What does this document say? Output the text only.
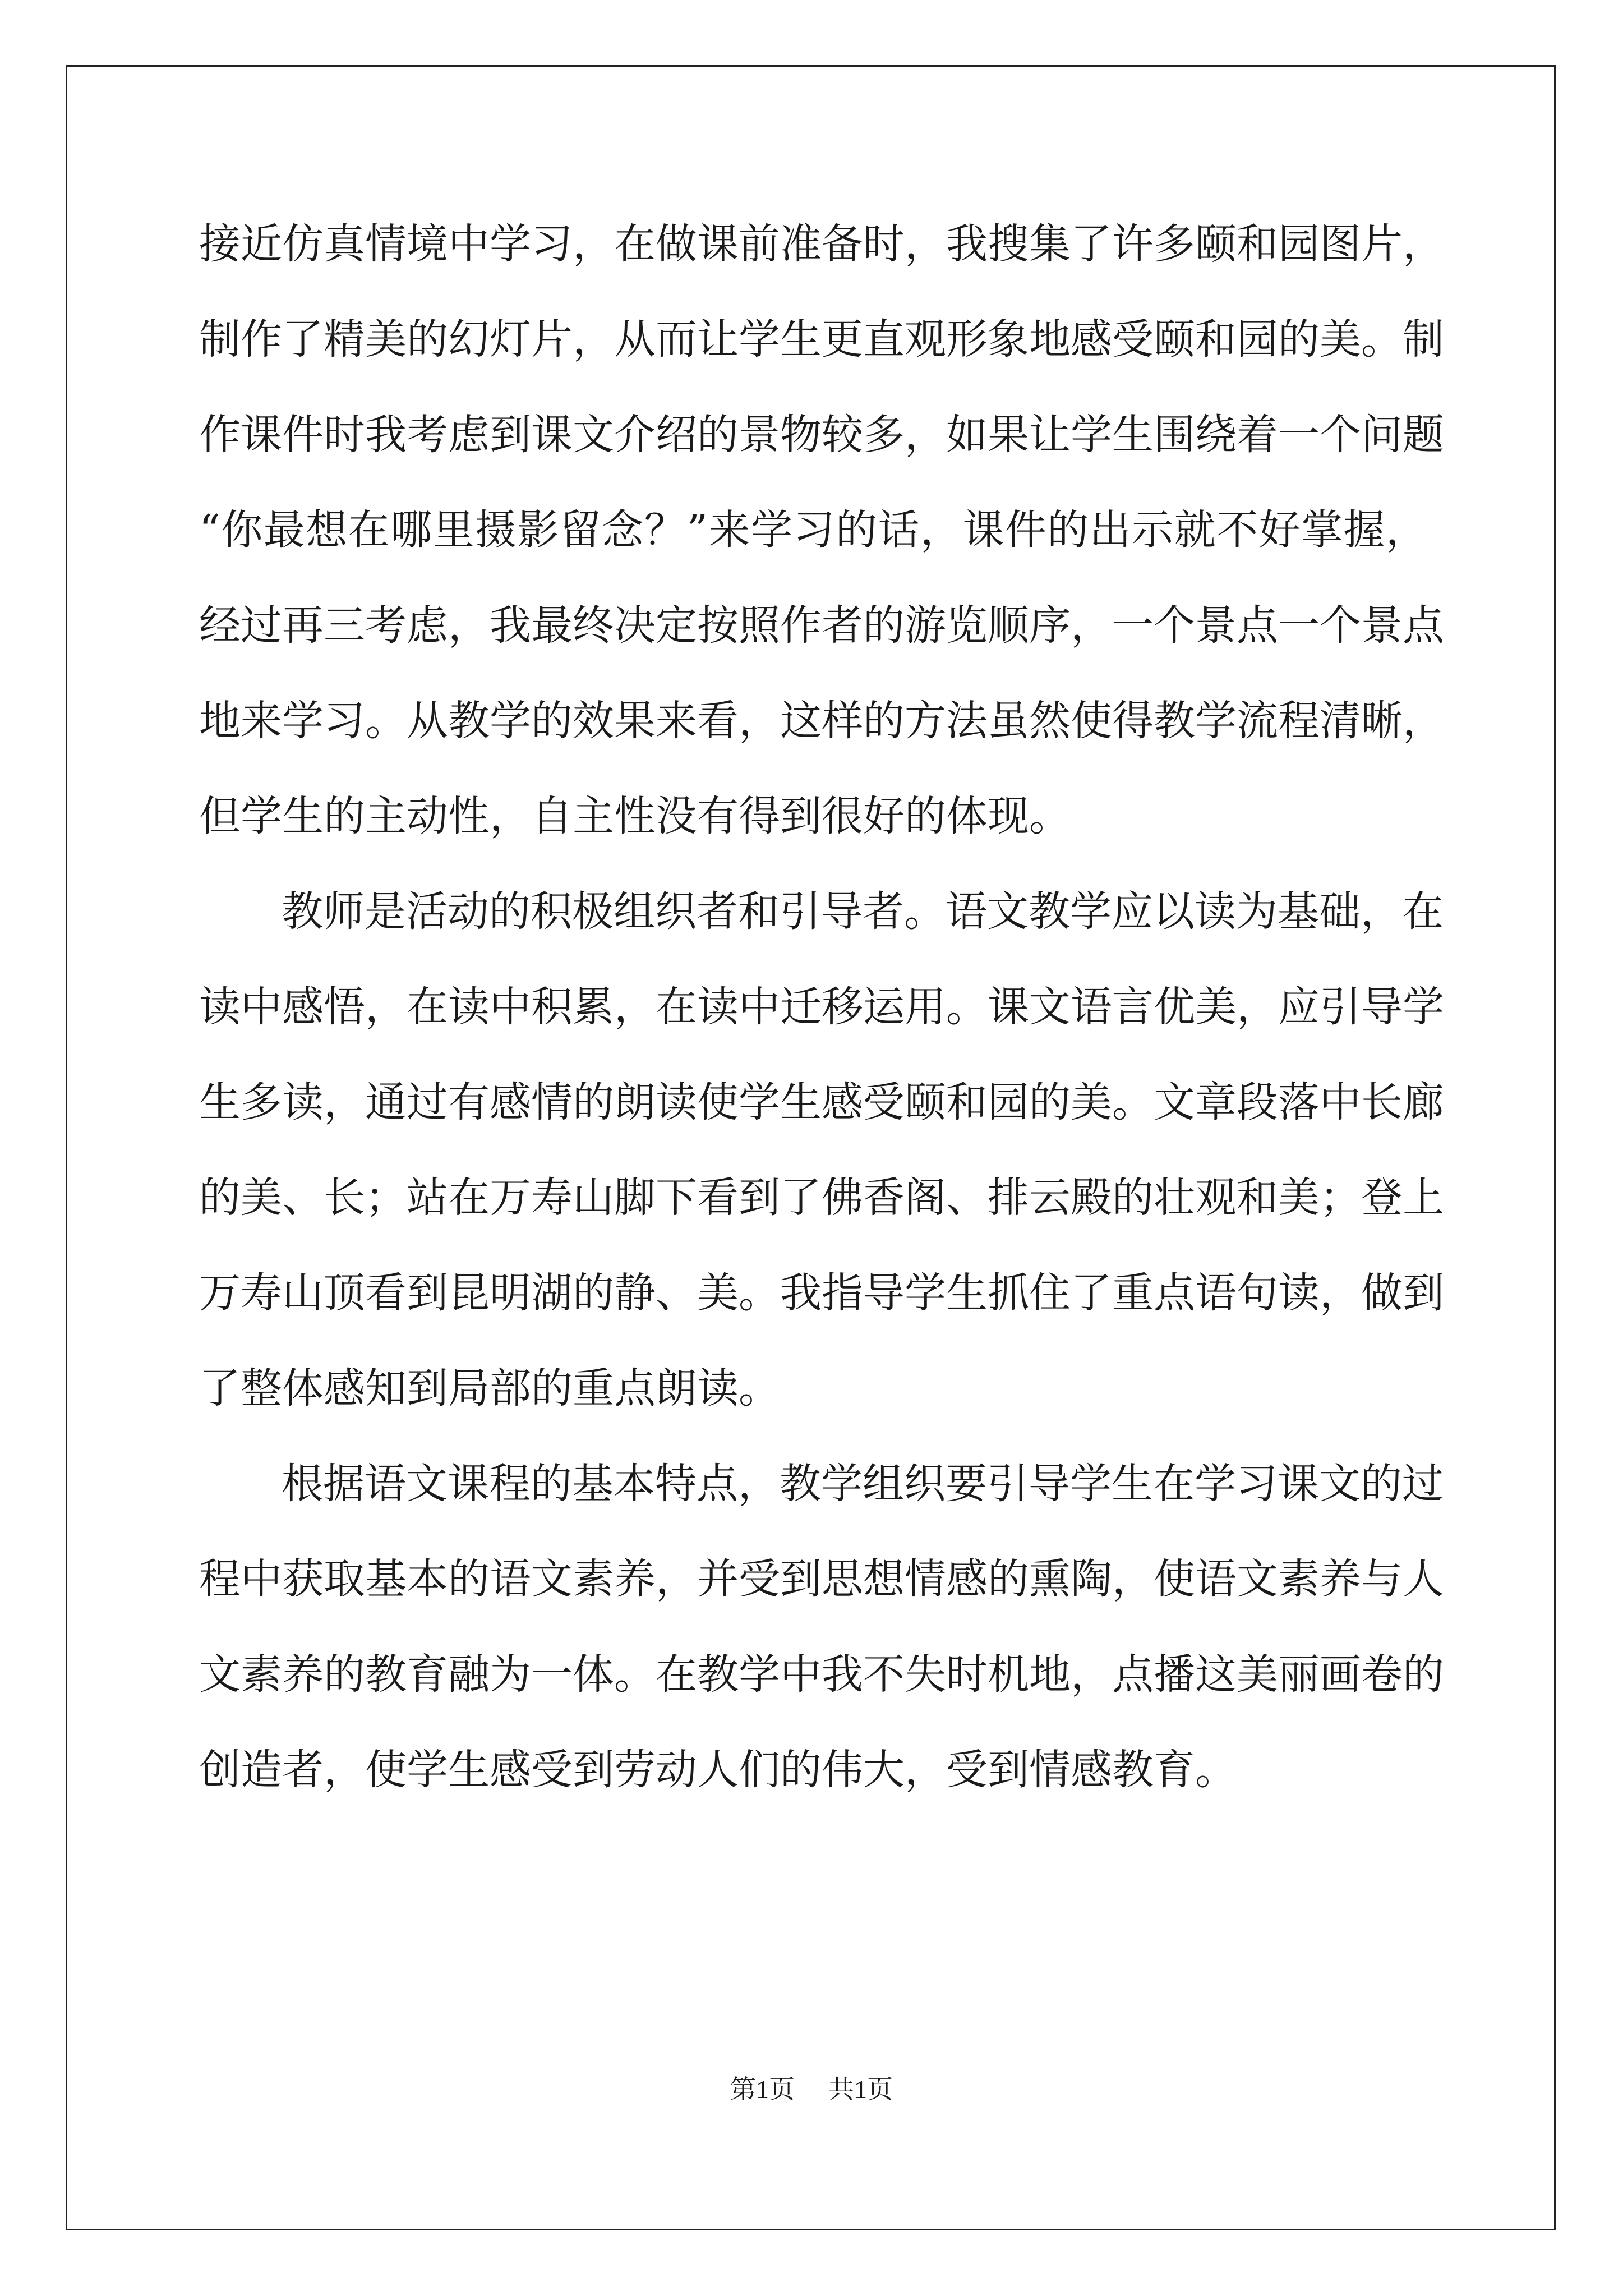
接近仿真情境中学习，在做课前准备时，我搜集了许多颐和园图片，
制作了精美的幻灯片，从而让学生更直观形象地感受颐和园的美。制
作课件时我考虑到课文介绍的景物较多，如果让学生围绕着一个问题
“你最想在哪里摄影留念？”来学习的话，课件的出示就不好掌握，
经过再三考虑，我最终决定按照作者的游览顺序，一个景点一个景点
地来学习。从教学的效果来看，这样的方法虽然使得教学流程清晰，
但学生的主动性，自主性没有得到很好的体现。
教师是活动的积极组织者和引导者。语文教学应以读为基础，在
读中感悟，在读中积累，在读中迁移运用。课文语言优美，应引导学
生多读，通过有感情的朗读使学生感受颐和园的美。文章段落中长廊
的美、长；站在万寿山脚下看到了佛香阁、排云殿的壮观和美；登上
万寿山顶看到昆明湖的静、美。我指导学生抓住了重点语句读，做到
了整体感知到局部的重点朗读。
根据语文课程的基本特点，教学组织要引导学生在学习课文的过
程中获取基本的语文素养，并受到思想情感的熏陶，使语文素养与人
文素养的教育融为一体。在教学中我不失时机地，点播这美丽画卷的
创造者，使学生感受到劳动人们的伟大，受到情感教育。
第1页 共1页
